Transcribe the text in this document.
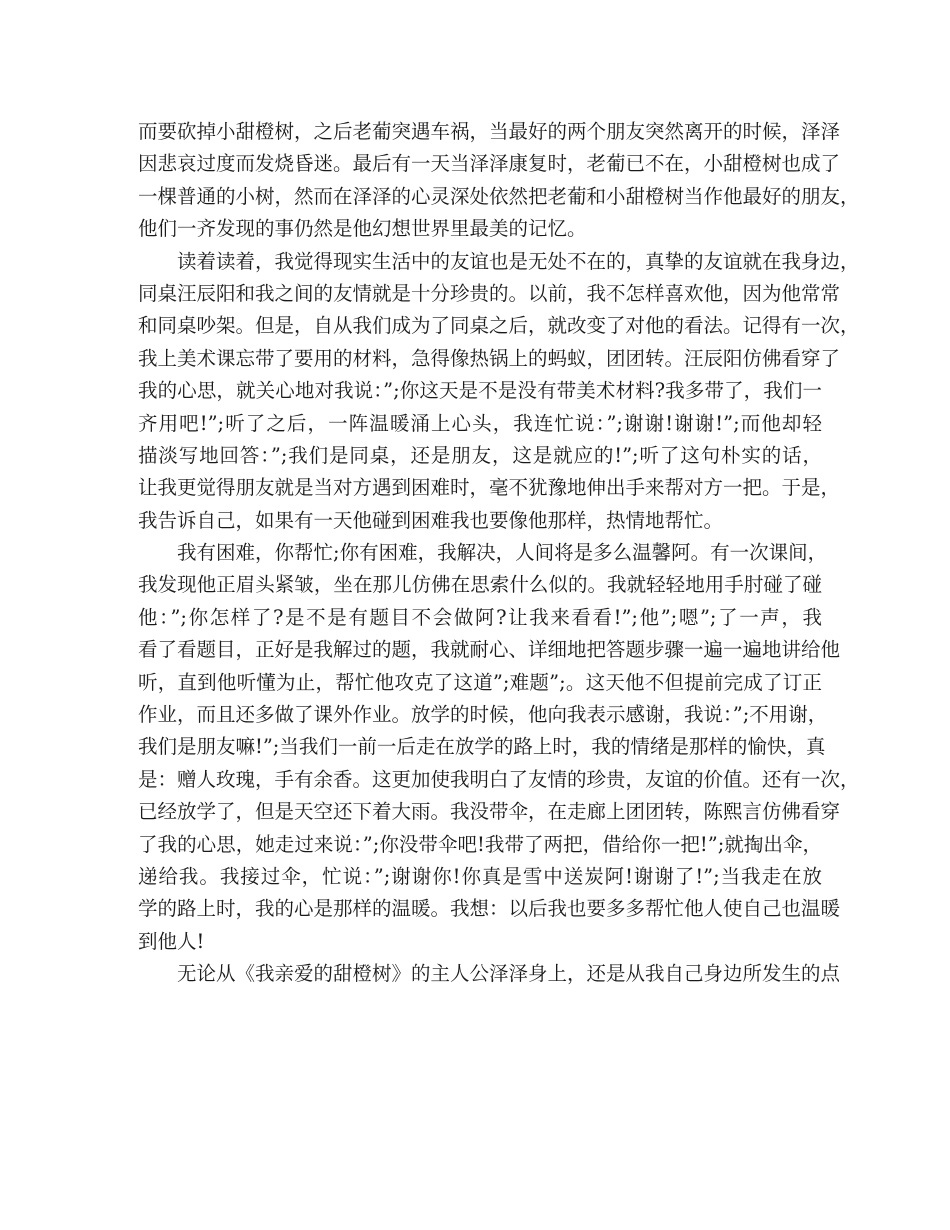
而要砍掉小甜橙树，之后老葡突遇车祸，当最好的两个朋友突然离开的时候，泽泽
因悲哀过度而发烧昏迷。最后有一天当泽泽康复时，老葡已不在，小甜橙树也成了
一棵普通的小树，然而在泽泽的心灵深处依然把老葡和小甜橙树当作他最好的朋友，
他们一齐发现的事仍然是他幻想世界里最美的记忆。
读着读着，我觉得现实生活中的友谊也是无处不在的，真挚的友谊就在我身边，
同桌汪辰阳和我之间的友情就是十分珍贵的。以前，我不怎样喜欢他，因为他常常
和同桌吵架。但是，自从我们成为了同桌之后，就改变了对他的看法。记得有一次，
我上美术课忘带了要用的材料，急得像热锅上的蚂蚁，团团转。汪辰阳仿佛看穿了
我的心思，就关心地对我说：”;你这天是不是没有带美术材料?我多带了，我们一
齐用吧!”;听了之后，一阵温暖涌上心头，我连忙说：”;谢谢!谢谢!”;而他却轻
描淡写地回答：”;我们是同桌，还是朋友，这是就应的!”;听了这句朴实的话，
让我更觉得朋友就是当对方遇到困难时，毫不犹豫地伸出手来帮对方一把。于是，
我告诉自己，如果有一天他碰到困难我也要像他那样，热情地帮忙。
我有困难，你帮忙;你有困难，我解决，人间将是多么温馨阿。有一次课间，
我发现他正眉头紧皱，坐在那儿仿佛在思索什么似的。我就轻轻地用手肘碰了碰
他：”;你怎样了?是不是有题目不会做阿?让我来看看!”;他”;嗯”;了一声，我
看了看题目，正好是我解过的题，我就耐心、详细地把答题步骤一遍一遍地讲给他
听，直到他听懂为止，帮忙他攻克了这道”;难题”;。这天他不但提前完成了订正
作业，而且还多做了课外作业。放学的时候，他向我表示感谢，我说：”;不用谢，
我们是朋友嘛!”;当我们一前一后走在放学的路上时，我的情绪是那样的愉快，真
是：赠人玫瑰，手有余香。这更加使我明白了友情的珍贵，友谊的价值。还有一次，
已经放学了，但是天空还下着大雨。我没带伞，在走廊上团团转，陈熙言仿佛看穿
了我的心思，她走过来说：”;你没带伞吧!我带了两把，借给你一把!”;就掏出伞，
递给我。我接过伞，忙说：”;谢谢你!你真是雪中送炭阿!谢谢了!”;当我走在放
学的路上时，我的心是那样的温暖。我想：以后我也要多多帮忙他人使自己也温暖
到他人!
无论从《我亲爱的甜橙树》的主人公泽泽身上，还是从我自己身边所发生的点
